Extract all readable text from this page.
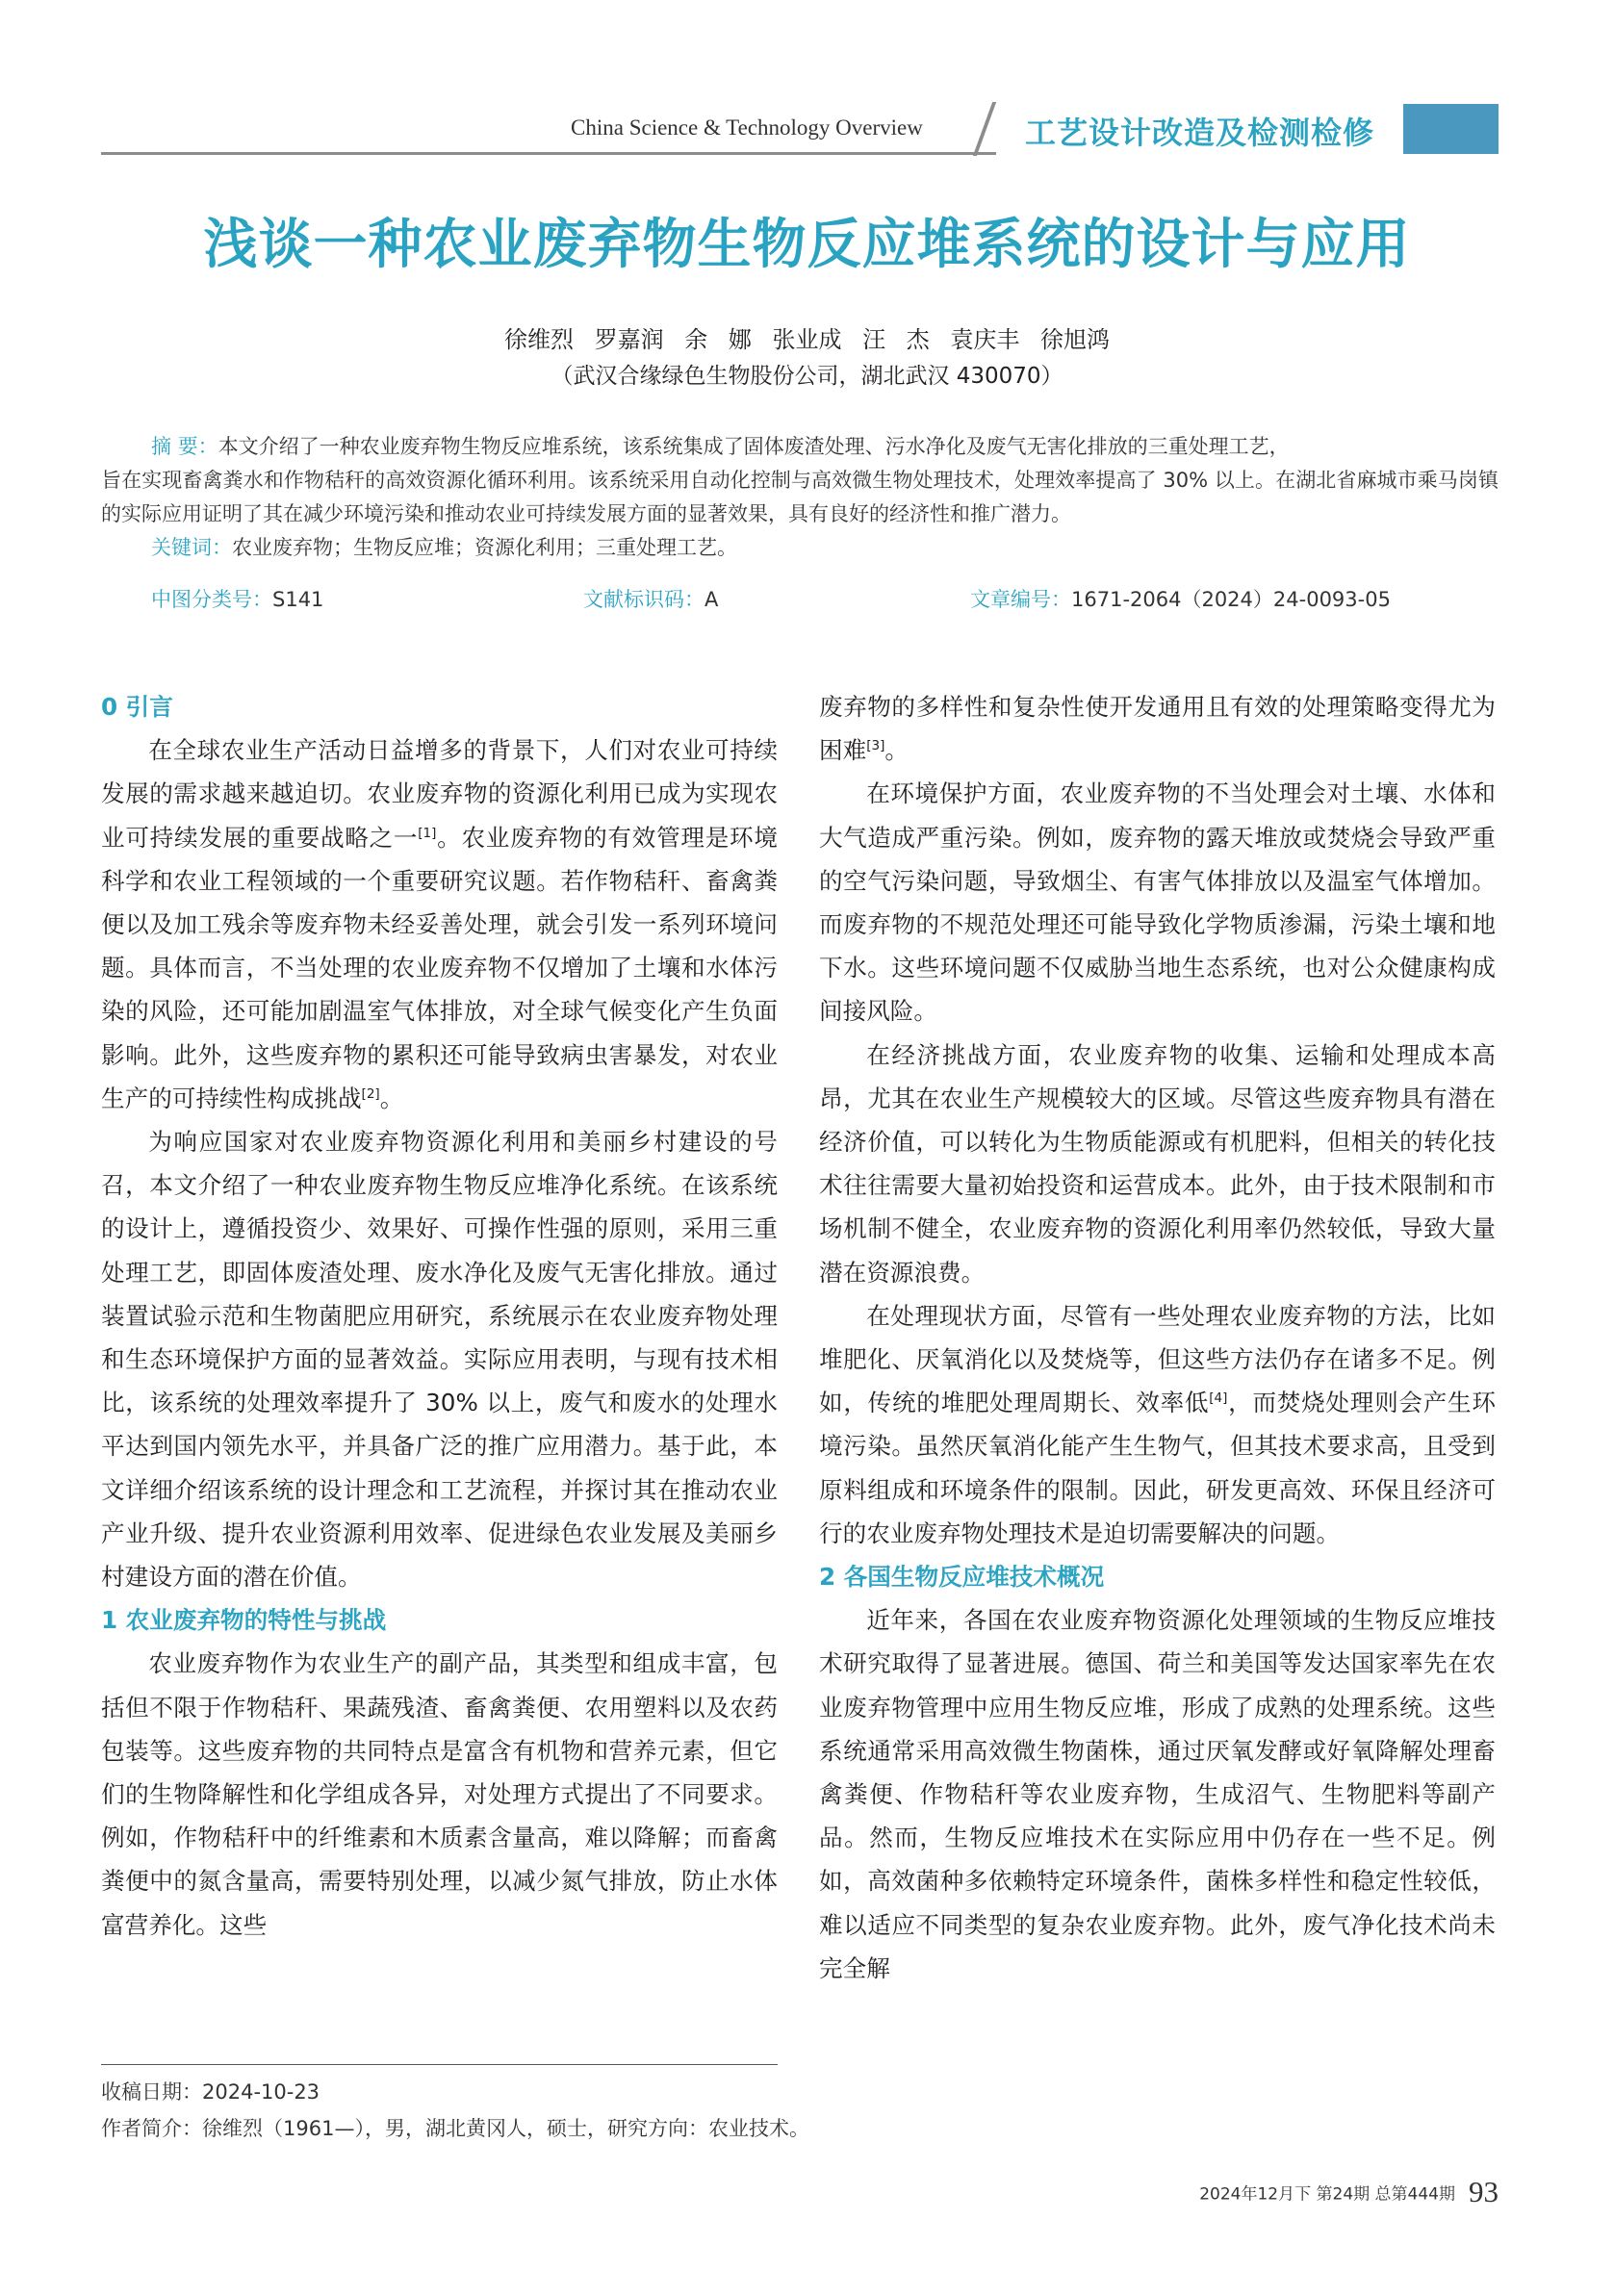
China Science & Technology Overview	工艺设计改造及检测检修
浅谈一种农业废弃物生物反应堆系统的设计与应用
徐维烈 罗嘉润 余 娜 张业成 汪 杰 袁庆丰 徐旭鸿
（武汉合缘绿色生物股份公司，湖北武汉 430070）

摘 要：本文介绍了一种农业废弃物生物反应堆系统，该系统集成了固体废渣处理、污水净化及废气无害化排放的三重处理工艺，

旨在实现畜禽粪水和作物秸秆的高效资源化循环利用。该系统采用自动化控制与高效微生物处理技术，处理效率提高了 30% 以上。在湖北省麻城市乘马岗镇的实际应用证明了其在减少环境污染和推动农业可持续发展方面的显著效果，具有良好的经济性和推广潜力。

关键词：农业废弃物；生物反应堆；资源化利用；三重处理工艺。

中图分类号：S141	文献标识码：A	文章编号：1671-2064（2024）24-0093-05
0 引言

在全球农业生产活动日益增多的背景下，人们对农业可持续发展的需求越来越迫切。农业废弃物的资源化利用已成为实现农业可持续发展的重要战略之一[1]。农业废弃物的有效管理是环境科学和农业工程领域的一个重要研究议题。若作物秸秆、畜禽粪便以及加工残余等废弃物未经妥善处理，就会引发一系列环境问题。具体而言，不当处理的农业废弃物不仅增加了土壤和水体污染的风险，还可能加剧温室气体排放，对全球气候变化产生负面影响。此外，这些废弃物的累积还可能导致病虫害暴发，对农业生产的可持续性构成挑战[2]。

为响应国家对农业废弃物资源化利用和美丽乡村建设的号召，本文介绍了一种农业废弃物生物反应堆净化系统。在该系统的设计上，遵循投资少、效果好、可操作性强的原则，采用三重处理工艺，即固体废渣处理、废水净化及废气无害化排放。通过装置试验示范和生物菌肥应用研究，系统展示在农业废弃物处理和生态环境保护方面的显著效益。实际应用表明，与现有技术相比，该系统的处理效率提升了 30% 以上，废气和废水的处理水平达到国内领先水平，并具备广泛的推广应用潜力。基于此，本文详细介绍该系统的设计理念和工艺流程，并探讨其在推动农业产业升级、提升农业资源利用效率、促进绿色农业发展及美丽乡村建设方面的潜在价值。

1 农业废弃物的特性与挑战

农业废弃物作为农业生产的副产品，其类型和组成丰富，包括但不限于作物秸秆、果蔬残渣、畜禽粪便、农用塑料以及农药包装等。这些废弃物的共同特点是富含有机物和营养元素，但它们的生物降解性和化学组成各异，对处理方式提出了不同要求。例如，作物秸秆中的纤维素和木质素含量高，难以降解；而畜禽粪便中的氮含量高，需要特别处理，以减少氮气排放，防止水体富营养化。这些

废弃物的多样性和复杂性使开发通用且有效的处理策略变得尤为困难[3]。

在环境保护方面，农业废弃物的不当处理会对土壤、水体和大气造成严重污染。例如，废弃物的露天堆放或焚烧会导致严重的空气污染问题，导致烟尘、有害气体排放以及温室气体增加。而废弃物的不规范处理还可能导致化学物质渗漏，污染土壤和地下水。这些环境问题不仅威胁当地生态系统，也对公众健康构成间接风险。

在经济挑战方面，农业废弃物的收集、运输和处理成本高昂，尤其在农业生产规模较大的区域。尽管这些废弃物具有潜在经济价值，可以转化为生物质能源或有机肥料，但相关的转化技术往往需要大量初始投资和运营成本。此外，由于技术限制和市场机制不健全，农业废弃物的资源化利用率仍然较低，导致大量潜在资源浪费。

在处理现状方面，尽管有一些处理农业废弃物的方法，比如堆肥化、厌氧消化以及焚烧等，但这些方法仍存在诸多不足。例如，传统的堆肥处理周期长、效率低[4]，而焚烧处理则会产生环境污染。虽然厌氧消化能产生生物气，但其技术要求高，且受到原料组成和环境条件的限制。因此，研发更高效、环保且经济可行的农业废弃物处理技术是迫切需要解决的问题。

2 各国生物反应堆技术概况

近年来，各国在农业废弃物资源化处理领域的生物反应堆技术研究取得了显著进展。德国、荷兰和美国等发达国家率先在农业废弃物管理中应用生物反应堆，形成了成熟的处理系统。这些系统通常采用高效微生物菌株，通过厌氧发酵或好氧降解处理畜禽粪便、作物秸秆等农业废弃物，生成沼气、生物肥料等副产品。然而，生物反应堆技术在实际应用中仍存在一些不足。例如，高效菌种多依赖特定环境条件，菌株多样性和稳定性较低，难以适应不同类型的复杂农业废弃物。此外，废气净化技术尚未完全解

收稿日期：2024-10-23
作者简介：徐维烈（1961—），男，湖北黄冈人，硕士，研究方向：农业技术。
2024年12月下 第24期 总第444期 93
